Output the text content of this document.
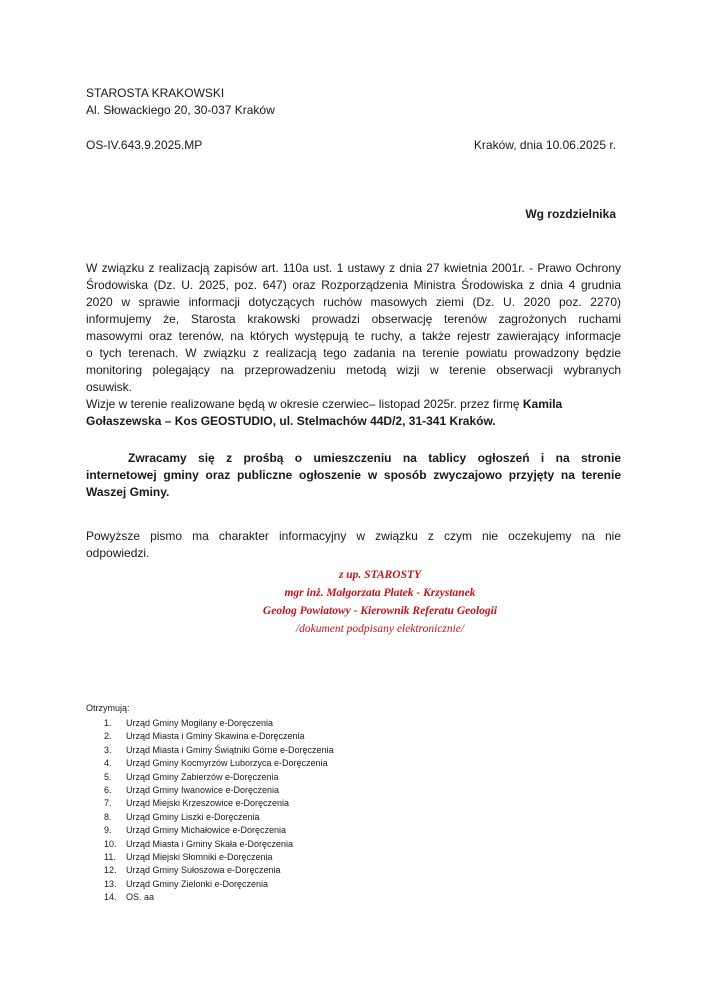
STAROSTA KRAKOWSKI
Al. Słowackiego 20, 30-037 Kraków
OS-IV.643.9.2025.MP	Kraków, dnia 10.06.2025 r.
Wg rozdzielnika
W związku z realizacją zapisów art. 110a ust. 1 ustawy z dnia 27 kwietnia 2001r. - Prawo Ochrony
Środowiska (Dz. U. 2025, poz. 647) oraz Rozporządzenia Ministra Środowiska z dnia 4 grudnia
2020 w sprawie informacji dotyczących ruchów masowych ziemi (Dz. U. 2020 poz. 2270)
informujemy że, Starosta krakowski prowadzi obserwację terenów zagrożonych ruchami
masowymi oraz terenów, na których występują te ruchy, a także rejestr zawierający informacje
o tych terenach. W związku z realizacją tego zadania na terenie powiatu prowadzony będzie
monitoring polegający na przeprowadzeniu metodą wizji w terenie obserwacji wybranych
osuwisk.
Wizje w terenie realizowane będą w okresie czerwiec– listopad 2025r. przez firmę Kamila
Gołaszewska – Kos GEOSTUDIO, ul. Stelmachów 44D/2, 31-341 Kraków.
Zwracamy się z prośbą o umieszczeniu na tablicy ogłoszeń i na stronie
internetowej gminy oraz publiczne ogłoszenie w sposób zwyczajowo przyjęty na terenie
Waszej Gminy.
Powyższe pismo ma charakter informacyjny w związku z czym nie oczekujemy na nie
odpowiedzi.
z up. STAROSTY
mgr inż. Małgorzata Płatek - Krzystanek
Geolog Powiatowy - Kierownik Referatu Geologii
/dokument podpisany elektronicznie/
Otrzymują:
1. Urząd Gminy Mogilany e-Doręczenia
2. Urząd Miasta i Gminy Skawina e-Doręczenia
3. Urząd Miasta i Gminy Świątniki Górne e-Doręczenia
4. Urząd Gminy Kocmyrzów Luborzyca e-Doręczenia
5. Urząd Gminy Zabierzów e-Doręczenia
6. Urząd Gminy Iwanowice e-Doręczenia
7. Urząd Miejski Krzeszowice e-Doręczenia
8. Urząd Gminy Liszki e-Doręczenia
9. Urząd Gminy Michałowice e-Doręczenia
10. Urząd Miasta i Gminy Skała e-Doręczenia
11. Urząd Miejski Słomniki e-Doręczenia
12. Urząd Gminy Sułoszowa e-Doręczenia
13. Urząd Gminy Zielonki e-Doręczenia
14. OS. aa
